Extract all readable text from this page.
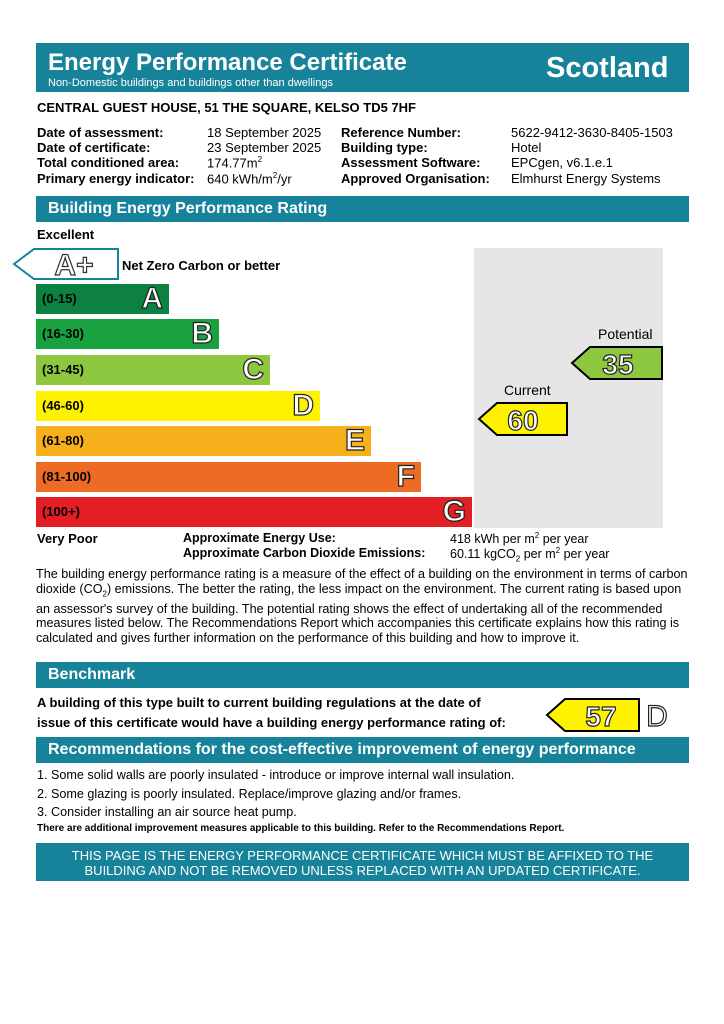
Energy Performance Certificate
Non-Domestic buildings and buildings other than dwellings	Scotland
CENTRAL GUEST HOUSE, 51 THE SQUARE, KELSO TD5 7HF
Date of assessment:	18 September 2025
Date of certificate:	23 September 2025
Total conditioned area: $174.77m^2$
Primary energy indicator: 640 kWh/$m^2/yr$
Reference Number:	5622-9412-3630-8405-1503
Building type:	Hotel
Assessment Software: EPCgen, v6.1.e.1
Approved Organisation: Elmhurst Energy Systems
Building Energy Performance Rating
Excellent
A+ Net Zero Carbon or better
(0-15) A
(16-30)	B
(31-45)	C
(46-60)	D
(61-80)	E
(81-100)	F
(100+)	G
Potential
35
Current
60
Very Poor	Approximate Energy Use:	418 kWh per $m^2$ per year
Approximate Carbon Dioxide Emissions: 60.11 kgCO$_2$ per $m^2$ per year
The building energy performance rating is a measure of the effect of a building on the environment in terms of carbon dioxide $(CO_2)$ emissions. The better the rating, the less impact on the environment. The current rating is based upon an assessor's survey of the building. The potential rating shows the effect of undertaking all of the recommended measures listed below. The Recommendations Report which accompanies this certificate explains how this rating is calculated and gives further information on the performance of this building and how to improve it.
Benchmark
A building of this type built to current building regulations at the date of
issue of this certificate would have a building energy performance rating of:	57 D
Recommendations for the cost-effective improvement of energy performance
1. Some solid walls are poorly insulated - introduce or improve internal wall insulation.
2. Some glazing is poorly insulated. Replace/improve glazing and/or frames.
3. Consider installing an air source heat pump.
There are additional improvement measures applicable to this building. Refer to the Recommendations Report.
THIS PAGE IS THE ENERGY PERFORMANCE CERTIFICATE WHICH MUST BE AFFIXED TO THE
BUILDING AND NOT BE REMOVED UNLESS REPLACED WITH AN UPDATED CERTIFICATE.
